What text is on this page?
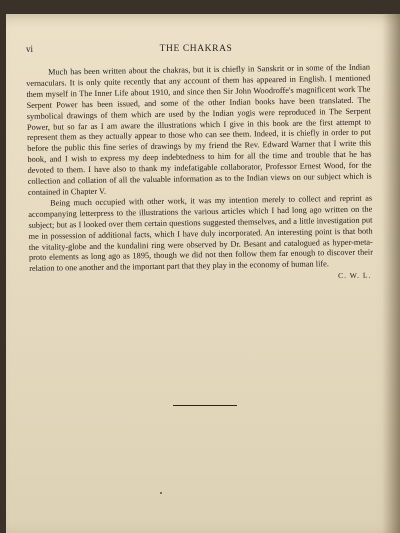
vi	THE CHAKRAS

Much has been written about the chakras, but it is chiefly in Sanskrit or in some of the Indian vernaculars. It is only quite recently that any account of them has appeared in English. I mentioned them myself in The Inner Life about 1910, and since then Sir John Woodroffe's magnificent work The Serpent Power has been issued, and some of the other Indian books have been translated. The symbolical drawings of them which are used by the Indian yogis were reproduced in The Serpent Power, but so far as I am aware the illustrations which I give in this book are the first attempt to represent them as they actually appear to those who can see them. Indeed, it is chiefly in order to put before the public this fine series of drawings by my friend the Rev. Edward Warner that I write this book, and I wish to express my deep indebtedness to him for all the time and trouble that he has devoted to them. I have also to thank my indefatigable collaborator, Professor Ernest Wood, for the collection and collation of all the valuable information as to the Indian views on our subject which is contained in Chapter V.

Being much occupied with other work, it was my intention merely to collect and reprint as accompanying letterpress to the illustrations the various articles which I had long ago written on the subject; but as I looked over them certain questions suggested themselves, and a little investigation put me in possession of additional facts, which I have duly incorporated. An interesting point is that both the vitality-globe and the kundalini ring were observed by Dr. Besant and catalogued as hyper-meta-proto elements as long ago as 1895, though we did not then follow them far enough to discover their relation to one another and the important part that they play in the economy of human life.

C. W. L.
